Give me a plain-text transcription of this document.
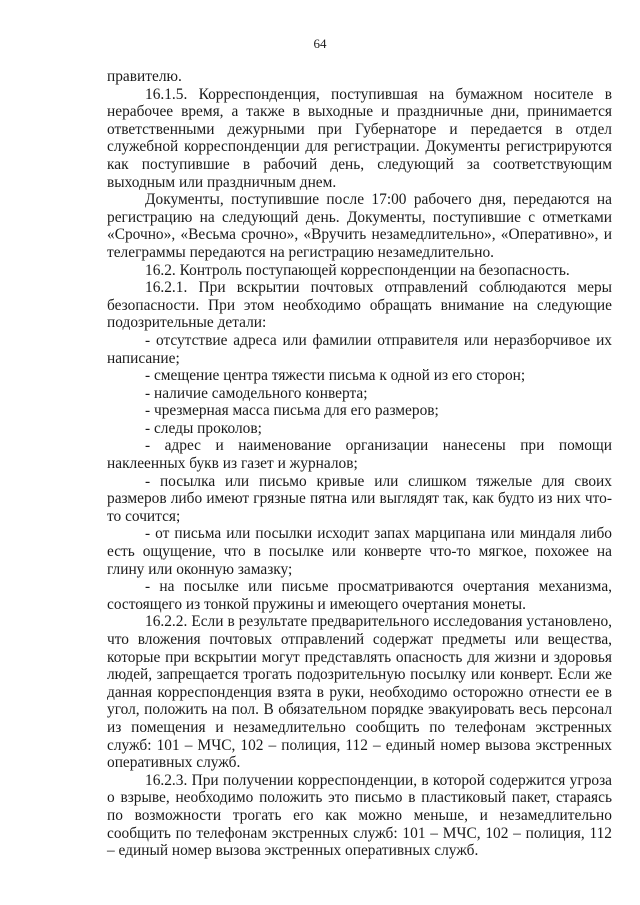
64

правителю.

16.1.5. Корреспонденция, поступившая на бумажном носителе в нерабочее время, а также в выходные и праздничные дни, принимается ответственными дежурными при Губернаторе и передается в отдел служебной корреспонденции для регистрации. Документы регистрируются как поступившие в рабочий день, следующий за соответствующим выходным или праздничным днем.

Документы, поступившие после 17:00 рабочего дня, передаются на регистрацию на следующий день. Документы, поступившие с отметками «Срочно», «Весьма срочно», «Вручить незамедлительно», «Оперативно», и телеграммы передаются на регистрацию незамедлительно.

16.2. Контроль поступающей корреспонденции на безопасность.

16.2.1. При вскрытии почтовых отправлений соблюдаются меры безопасности. При этом необходимо обращать внимание на следующие подозрительные детали:

- отсутствие адреса или фамилии отправителя или неразборчивое их написание;

- смещение центра тяжести письма к одной из его сторон;

- наличие самодельного конверта;

- чрезмерная масса письма для его размеров;

- следы проколов;

- адрес и наименование организации нанесены при помощи наклеенных букв из газет и журналов;

- посылка или письмо кривые или слишком тяжелые для своих размеров либо имеют грязные пятна или выглядят так, как будто из них что-то сочится;

- от письма или посылки исходит запах марципана или миндаля либо есть ощущение, что в посылке или конверте что-то мягкое, похожее на глину или оконную замазку;

- на посылке или письме просматриваются очертания механизма, состоящего из тонкой пружины и имеющего очертания монеты.

16.2.2. Если в результате предварительного исследования установлено, что вложения почтовых отправлений содержат предметы или вещества, которые при вскрытии могут представлять опасность для жизни и здоровья людей, запрещается трогать подозрительную посылку или конверт. Если же данная корреспонденция взята в руки, необходимо осторожно отнести ее в угол, положить на пол. В обязательном порядке эвакуировать весь персонал из помещения и незамедлительно сообщить по телефонам экстренных служб: 101 – МЧС, 102 – полиция, 112 – единый номер вызова экстренных оперативных служб.

16.2.3. При получении корреспонденции, в которой содержится угроза о взрыве, необходимо положить это письмо в пластиковый пакет, стараясь по возможности трогать его как можно меньше, и незамедлительно сообщить по телефонам экстренных служб: 101 – МЧС, 102 – полиция, 112 – единый номер вызова экстренных оперативных служб.
